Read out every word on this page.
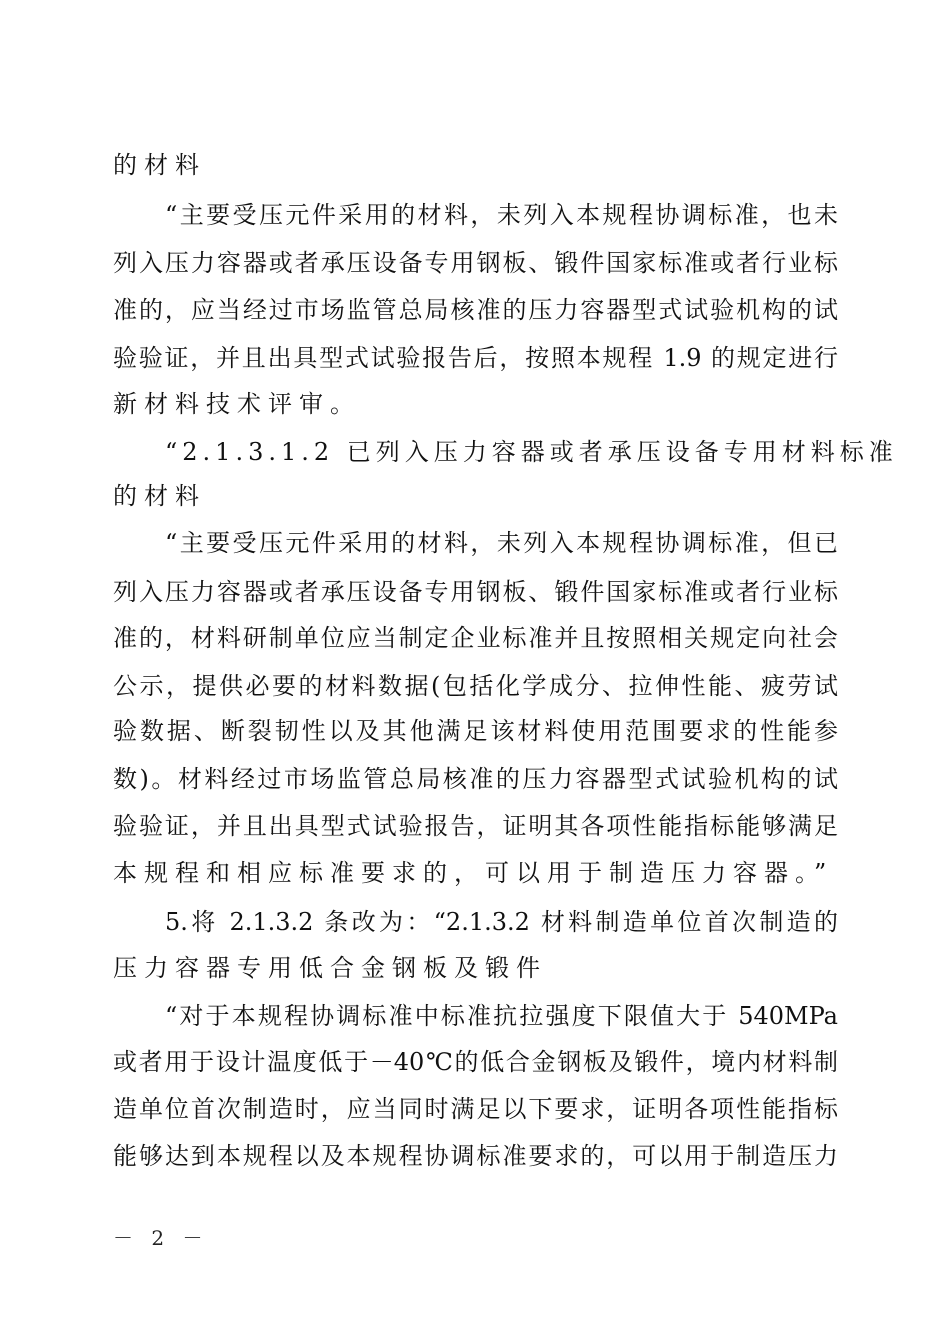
的材料
“主要受压元件采用的材料，未列入本规程协调标准，也未
列入压力容器或者承压设备专用钢板、锻件国家标准或者行业标
准的，应当经过市场监管总局核准的压力容器型式试验机构的试
验验证，并且出具型式试验报告后，按照本规程 1.9 的规定进行
新材料技术评审。
“2.1.3.1.2 已列入压力容器或者承压设备专用材料标准
的材料
“主要受压元件采用的材料，未列入本规程协调标准，但已
列入压力容器或者承压设备专用钢板、锻件国家标准或者行业标
准的，材料研制单位应当制定企业标准并且按照相关规定向社会
公示，提供必要的材料数据(包括化学成分、拉伸性能、疲劳试
验数据、断裂韧性以及其他满足该材料使用范围要求的性能参
数)。材料经过市场监管总局核准的压力容器型式试验机构的试
验验证，并且出具型式试验报告，证明其各项性能指标能够满足
本规程和相应标准要求的，可以用于制造压力容器。”
5.将 2.1.3.2 条改为：“2.1.3.2 材料制造单位首次制造的
压力容器专用低合金钢板及锻件
“对于本规程协调标准中标准抗拉强度下限值大于 540MPa
或者用于设计温度低于－40℃的低合金钢板及锻件，境内材料制
造单位首次制造时，应当同时满足以下要求，证明各项性能指标
能够达到本规程以及本规程协调标准要求的，可以用于制造压力
－ 2 －
